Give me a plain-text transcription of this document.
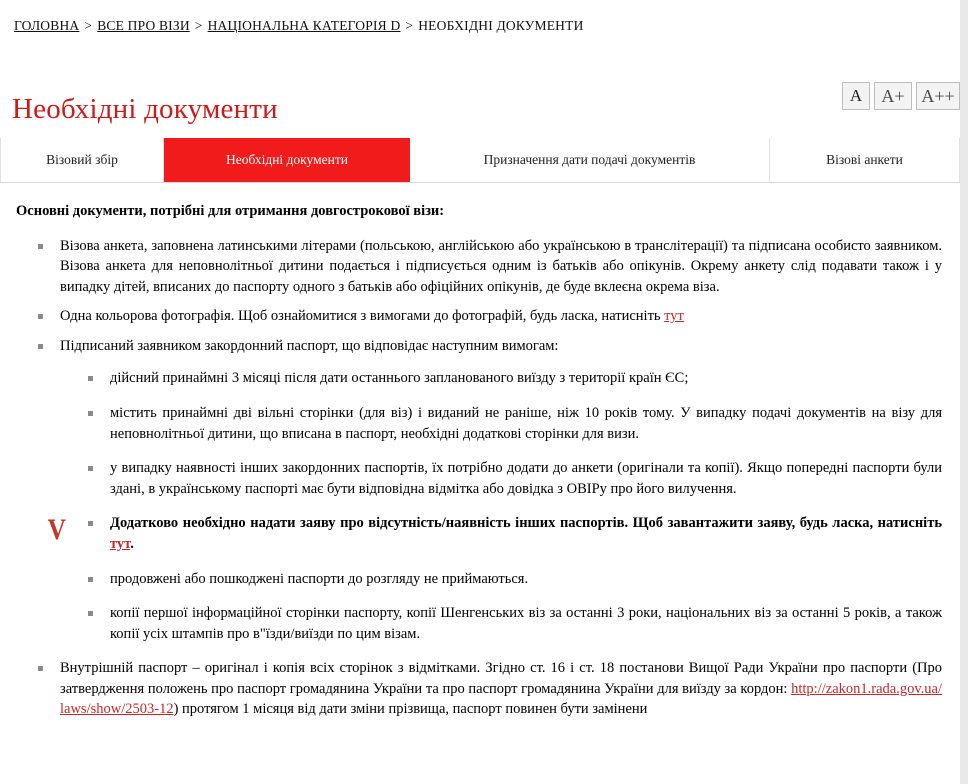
ГОЛОВНА > ВСЕ ПРО ВІЗИ > НАЦІОНАЛЬНА КАТЕГОРІЯ D > НЕОБХІДНІ ДОКУМЕНТИ
Необхідні документи	A	A+ A++
Візовий збір	Необхідні документи	Призначення дати подачі документів	Візові анкети
Основні документи, потрібні для отримання довгострокової візи:
Візова анкета, заповнена латинськими літерами (польською, англійською або українською в транслітерації) та підписана особисто заявником. Візова анкета для неповнолітньої дитини подається і підписується одним із батьків або опікунів. Окрему анкету слід подавати також і у випадку дітей, вписаних до паспорту одного з батьків або офіційних опікунів, де буде вклеєна окрема віза.
Одна кольорова фотографія. Щоб ознайомитися з вимогами до фотографій, будь ласка, натисніть тут
Підписаний заявником закордонний паспорт, що відповідає наступним вимогам:
дійсний принаймні 3 місяці після дати останнього запланованого виїзду з території країн ЄС;
містить принаймні дві вільні сторінки (для віз) і виданий не раніше, ніж 10 років тому. У випадку подачі документів на візу для неповнолітньої дитини, що вписана в паспорт, необхідні додаткові сторінки для визи.
у випадку наявності інших закордонних паспортів, їх потрібно додати до анкети (оригінали та копії). Якщо попередні паспорти були здані, в українському паспорті має бути відповідна відмітка або довідка з ОВІРу про його вилучення.
V	Додатково необхідно надати заяву про відсутність/наявність інших паспортів. Щоб завантажити заяву, будь ласка, натисніть тут.
продовжені або пошкоджені паспорти до розгляду не приймаються.
копії першої інформаційної сторінки паспорту, копії Шенгенських віз за останні 3 роки, національних віз за останні 5 років, а також копії усіх штампів про в"їзди/виїзди по цим візам.
Внутрішній паспорт – оригінал і копія всіх сторінок з відмітками. Згідно ст. 16 і ст. 18 постанови Вищої Ради України про паспорти (Про затвердження положень про паспорт громадянина України та про паспорт громадянина України для виїзду за кордон: http://zakon1.rada.gov.ua/laws/show/2503-12) протягом 1 місяця від дати зміни прізвища, паспорт повинен бути замінени
